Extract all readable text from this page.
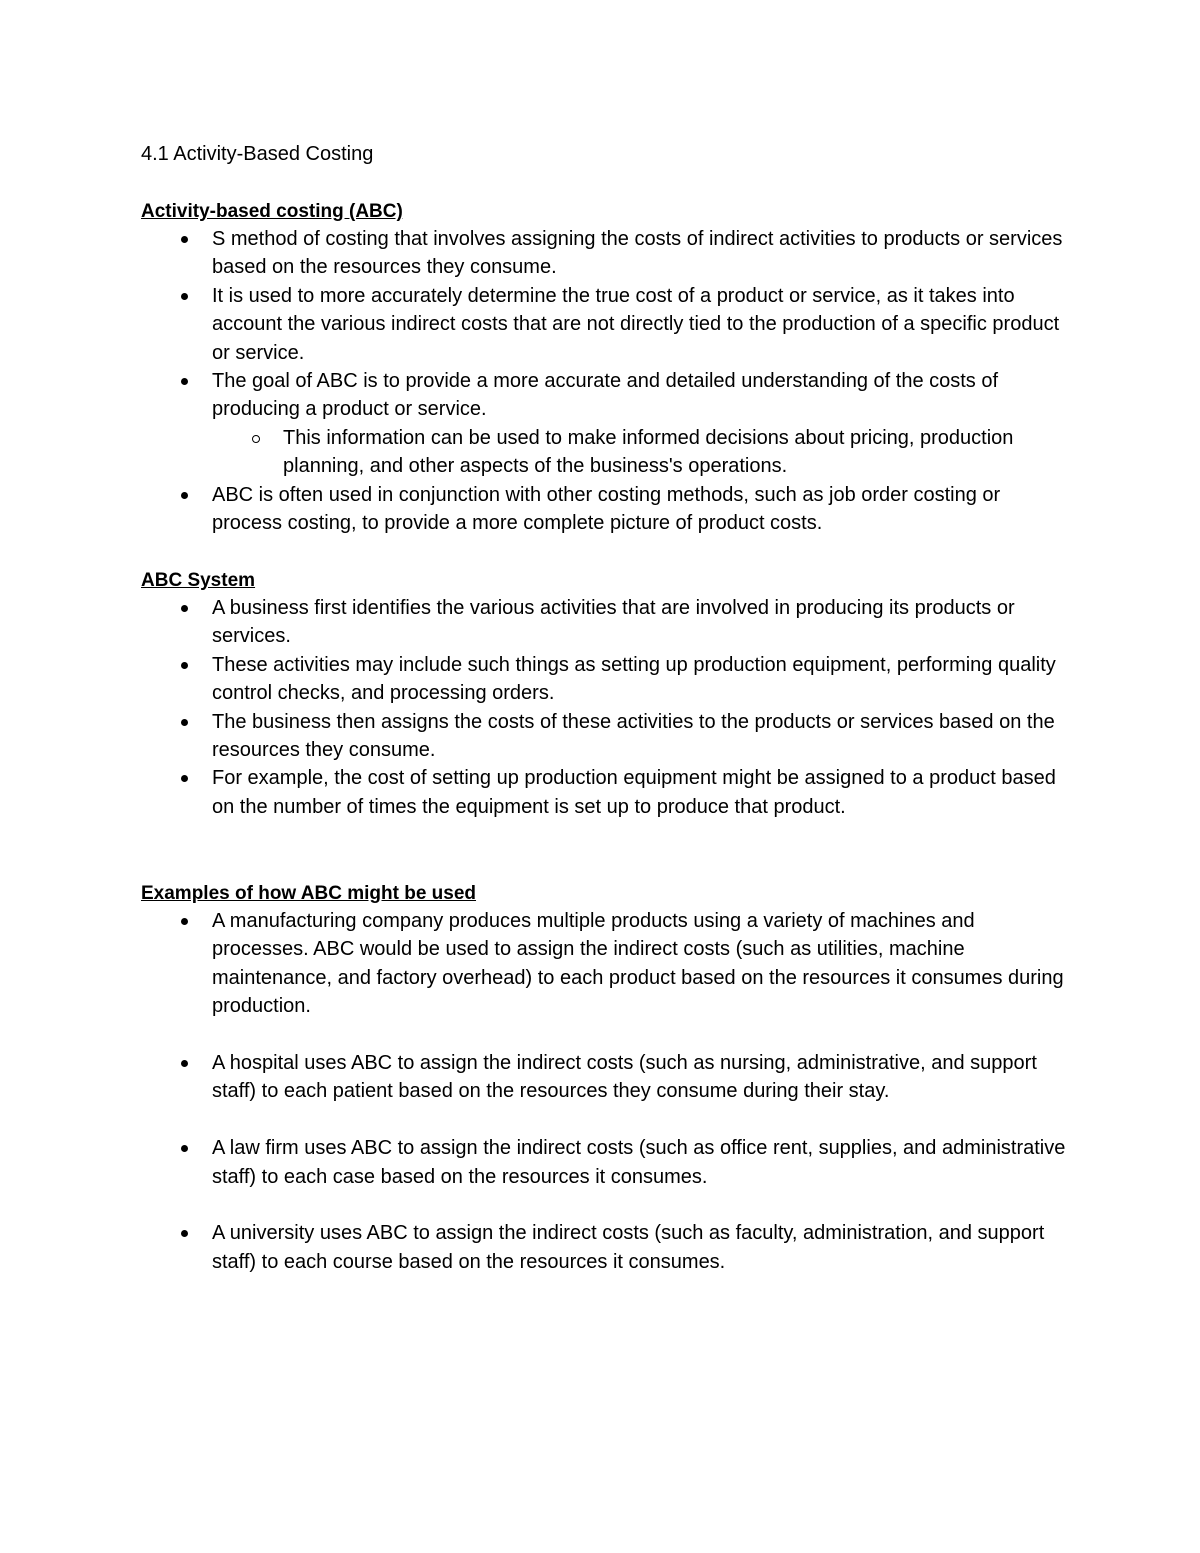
4.1 Activity-Based Costing
Activity-based costing (ABC)
S method of costing that involves assigning the costs of indirect activities to products or services based on the resources they consume.
It is used to more accurately determine the true cost of a product or service, as it takes into account the various indirect costs that are not directly tied to the production of a specific product or service.
The goal of ABC is to provide a more accurate and detailed understanding of the costs of producing a product or service.
This information can be used to make informed decisions about pricing, production planning, and other aspects of the business's operations.
ABC is often used in conjunction with other costing methods, such as job order costing or process costing, to provide a more complete picture of product costs.
ABC System
A business first identifies the various activities that are involved in producing its products or services.
These activities may include such things as setting up production equipment, performing quality control checks, and processing orders.
The business then assigns the costs of these activities to the products or services based on the resources they consume.
For example, the cost of setting up production equipment might be assigned to a product based on the number of times the equipment is set up to produce that product.
Examples of how ABC might be used
A manufacturing company produces multiple products using a variety of machines and processes. ABC would be used to assign the indirect costs (such as utilities, machine maintenance, and factory overhead) to each product based on the resources it consumes during production.
A hospital uses ABC to assign the indirect costs (such as nursing, administrative, and support staff) to each patient based on the resources they consume during their stay.
A law firm uses ABC to assign the indirect costs (such as office rent, supplies, and administrative staff) to each case based on the resources it consumes.
A university uses ABC to assign the indirect costs (such as faculty, administration, and support staff) to each course based on the resources it consumes.
